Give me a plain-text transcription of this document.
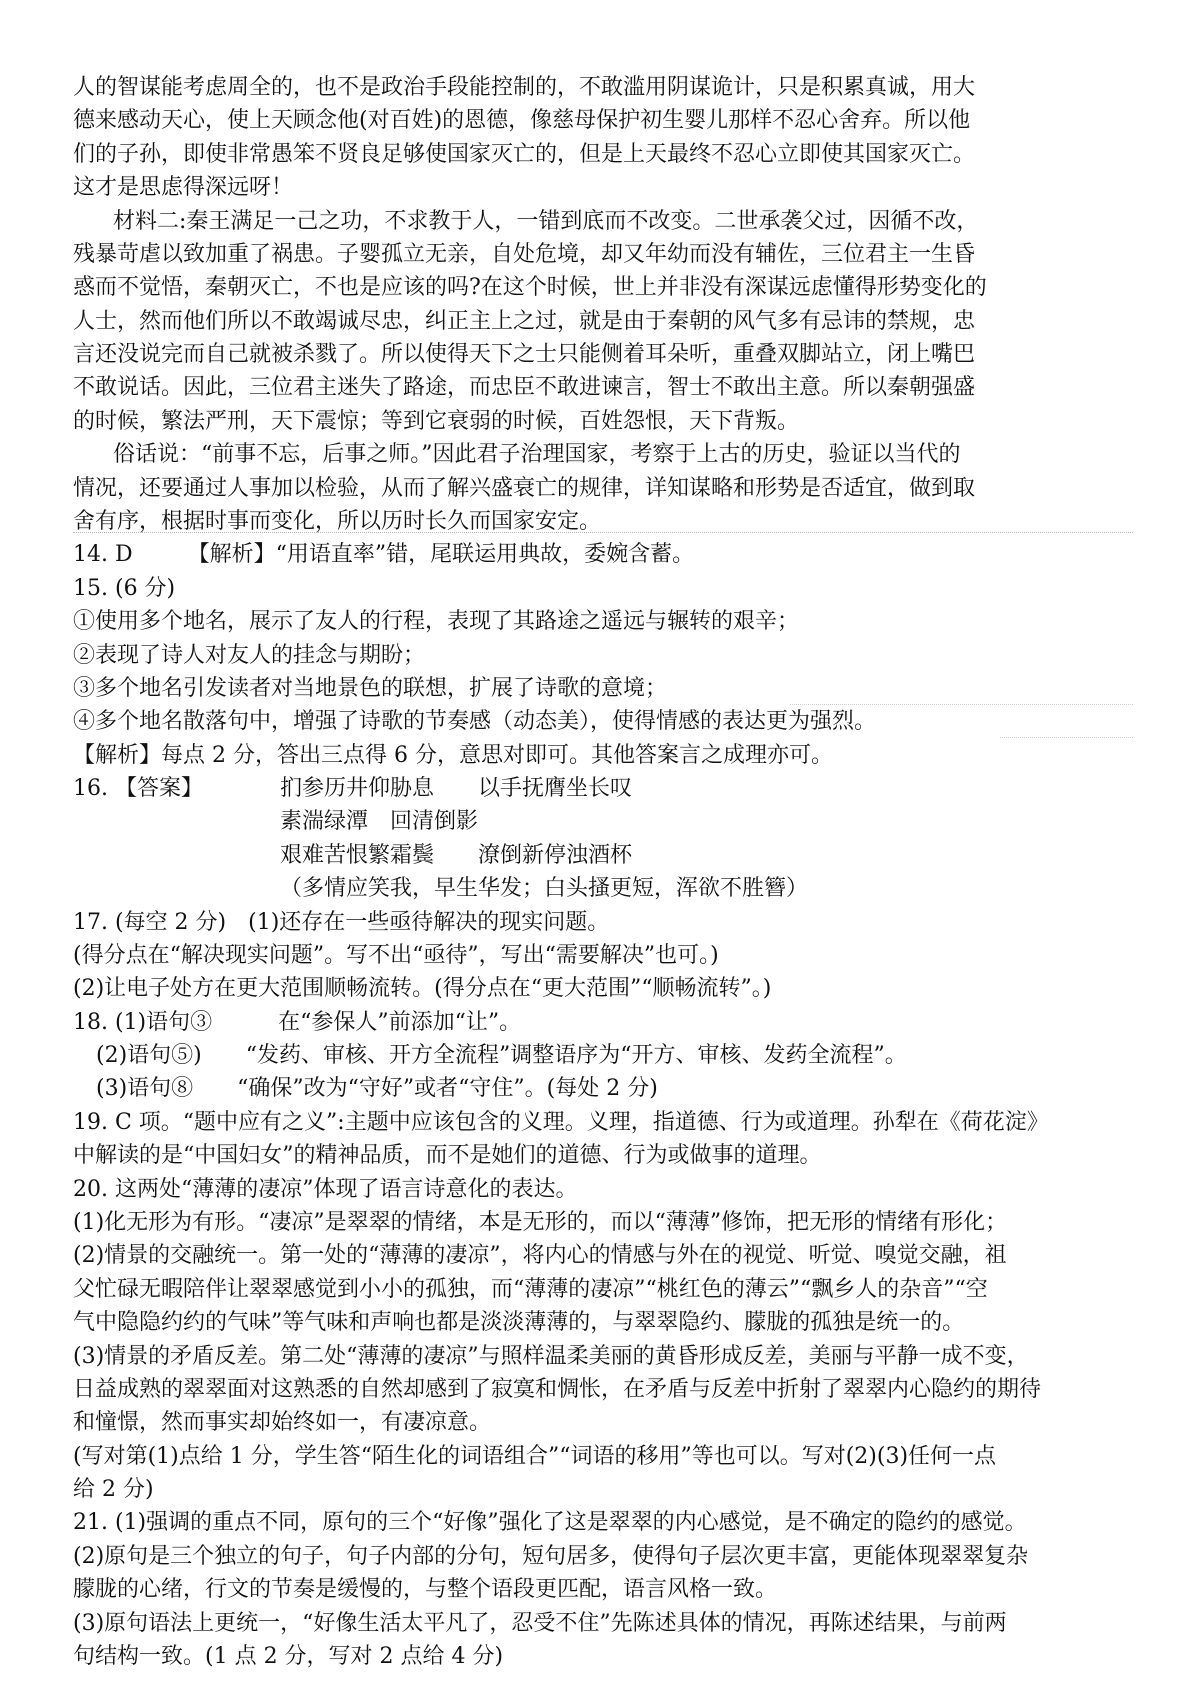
人的智谋能考虑周全的，也不是政治手段能控制的，不敢滥用阴谋诡计，只是积累真诚，用大
德来感动天心，使上天顾念他(对百姓)的恩德，像慈母保护初生婴儿那样不忍心舍弃。所以他
们的子孙，即使非常愚笨不贤良足够使国家灭亡的，但是上天最终不忍心立即使其国家灭亡。
这才是思虑得深远呀！
材料二:秦王满足一己之功，不求教于人，一错到底而不改变。二世承袭父过，因循不改，
残暴苛虐以致加重了祸患。子婴孤立无亲，自处危境，却又年幼而没有辅佐，三位君主一生昏
惑而不觉悟，秦朝灭亡，不也是应该的吗?在这个时候，世上并非没有深谋远虑懂得形势变化的
人士，然而他们所以不敢竭诚尽忠，纠正主上之过，就是由于秦朝的风气多有忌讳的禁规，忠
言还没说完而自己就被杀戮了。所以使得天下之士只能侧着耳朵听，重叠双脚站立，闭上嘴巴
不敢说话。因此，三位君主迷失了路途，而忠臣不敢进谏言，智士不敢出主意。所以秦朝强盛
的时候，繁法严刑，天下震惊；等到它衰弱的时候，百姓怨恨，天下背叛。
俗话说：“前事不忘，后事之师。”因此君子治理国家，考察于上古的历史，验证以当代的
情况，还要通过人事加以检验，从而了解兴盛衰亡的规律，详知谋略和形势是否适宜，做到取
舍有序，根据时事而变化，所以历时长久而国家安定。
14. D　　　【解析】“用语直率”错，尾联运用典故，委婉含蓄。
15. (6 分)
①使用多个地名，展示了友人的行程，表现了其路途之遥远与辗转的艰辛；
②表现了诗人对友人的挂念与期盼；
③多个地名引发读者对当地景色的联想，扩展了诗歌的意境；
④多个地名散落句中，增强了诗歌的节奏感（动态美），使得情感的表达更为强烈。
【解析】每点 2 分，答出三点得 6 分，意思对即可。其他答案言之成理亦可。
16. 【答案】	扪参历井仰胁息　　以手抚膺坐长叹
素湍绿潭　回清倒影
艰难苦恨繁霜鬓　　潦倒新停浊酒杯
（多情应笑我，早生华发；白头搔更短，浑欲不胜簪）
17. (每空 2 分)　(1)还存在一些亟待解决的现实问题。
(得分点在“解决现实问题”。写不出“亟待”，写出“需要解决”也可。)
(2)让电子处方在更大范围顺畅流转。(得分点在“更大范围”“顺畅流转”。)
18. (1)语句③　　　在“参保人”前添加“让”。
(2)语句⑤)　　“发药、审核、开方全流程”调整语序为“开方、审核、发药全流程”。
(3)语句⑧　　“确保”改为“守好”或者“守住”。(每处 2 分)
19. C 项。“题中应有之义”:主题中应该包含的义理。义理，指道德、行为或道理。孙犁在《荷花淀》
中解读的是“中国妇女”的精神品质，而不是她们的道德、行为或做事的道理。
20. 这两处“薄薄的凄凉”体现了语言诗意化的表达。
(1)化无形为有形。“凄凉”是翠翠的情绪，本是无形的，而以“薄薄”修饰，把无形的情绪有形化；
(2)情景的交融统一。第一处的“薄薄的凄凉”，将内心的情感与外在的视觉、听觉、嗅觉交融，祖
父忙碌无暇陪伴让翠翠感觉到小小的孤独，而“薄薄的凄凉”“桃红色的薄云”“飘乡人的杂音”“空
气中隐隐约约的气味”等气味和声响也都是淡淡薄薄的，与翠翠隐约、朦胧的孤独是统一的。
(3)情景的矛盾反差。第二处“薄薄的凄凉”与照样温柔美丽的黄昏形成反差，美丽与平静一成不变，
日益成熟的翠翠面对这熟悉的自然却感到了寂寞和惆怅，在矛盾与反差中折射了翠翠内心隐约的期待
和憧憬，然而事实却始终如一，有凄凉意。
(写对第(1)点给 1 分，学生答“陌生化的词语组合”“词语的移用”等也可以。写对(2)(3)任何一点
给 2 分)
21. (1)强调的重点不同，原句的三个“好像”强化了这是翠翠的内心感觉，是不确定的隐约的感觉。
(2)原句是三个独立的句子，句子内部的分句，短句居多，使得句子层次更丰富，更能体现翠翠复杂
朦胧的心绪，行文的节奏是缓慢的，与整个语段更匹配，语言风格一致。
(3)原句语法上更统一，“好像生活太平凡了，忍受不住”先陈述具体的情况，再陈述结果，与前两
句结构一致。(1 点 2 分，写对 2 点给 4 分)
